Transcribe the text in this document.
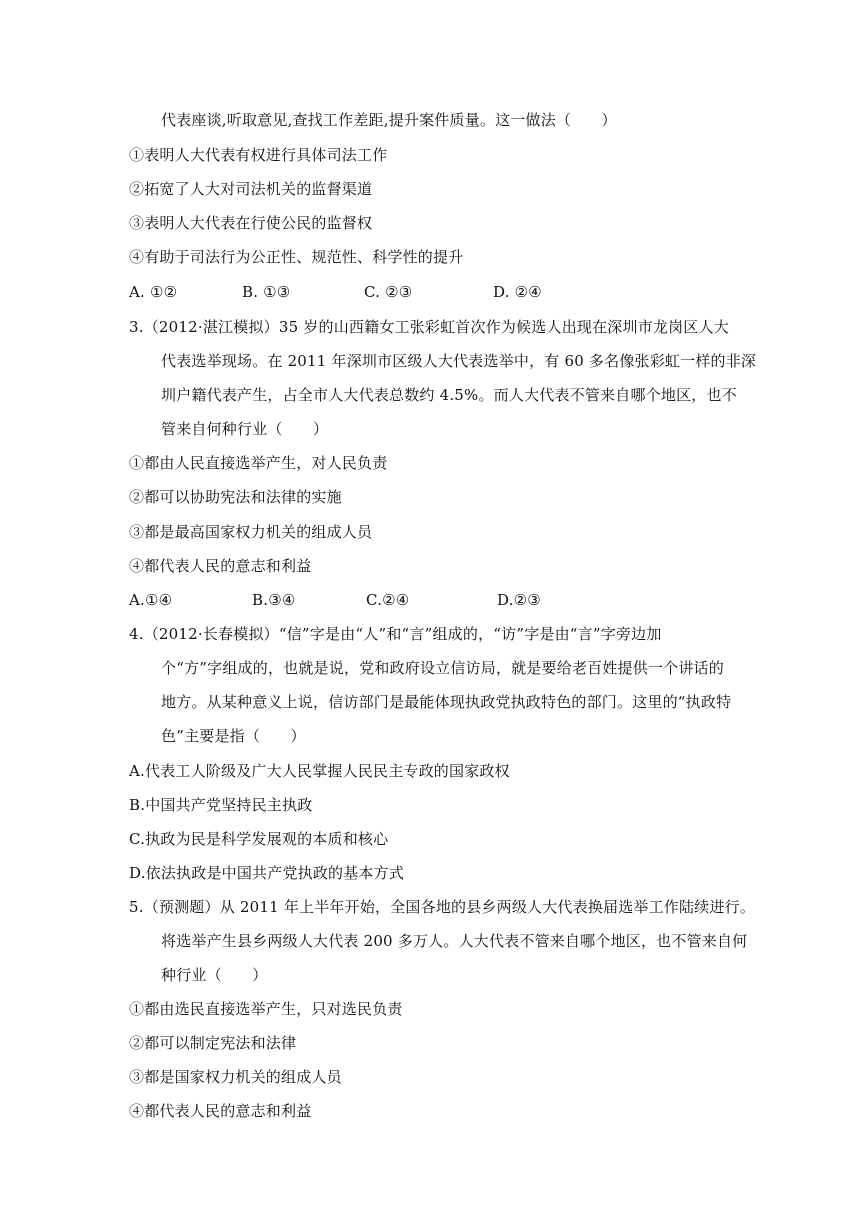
代表座谈,听取意见,查找工作差距,提升案件质量。这一做法（　　）
①表明人大代表有权进行具体司法工作
②拓宽了人大对司法机关的监督渠道
③表明人大代表在行使公民的监督权
④有助于司法行为公正性、规范性、科学性的提升
A. ①②	B. ①③	C. ②③	D. ②④
3.（2012·湛江模拟）35 岁的山西籍女工张彩虹首次作为候选人出现在深圳市龙岗区人大
代表选举现场。在 2011 年深圳市区级人大代表选举中，有 60 多名像张彩虹一样的非深
圳户籍代表产生，占全市人大代表总数约 4.5%。而人大代表不管来自哪个地区，也不
管来自何种行业（　　）
①都由人民直接选举产生，对人民负责
②都可以协助宪法和法律的实施
③都是最高国家权力机关的组成人员
④都代表人民的意志和利益
A.①④	B.③④	C.②④	D.②③
4.（2012·长春模拟）“信”字是由“人”和“言”组成的，“访”字是由“言”字旁边加
个“方”字组成的，也就是说，党和政府设立信访局，就是要给老百姓提供一个讲话的
地方。从某种意义上说，信访部门是最能体现执政党执政特色的部门。这里的“执政特
色”主要是指（　　）
A.代表工人阶级及广大人民掌握人民民主专政的国家政权
B.中国共产党坚持民主执政
C.执政为民是科学发展观的本质和核心
D.依法执政是中国共产党执政的基本方式
5.（预测题）从 2011 年上半年开始，全国各地的县乡两级人大代表换届选举工作陆续进行。
将选举产生县乡两级人大代表 200 多万人。人大代表不管来自哪个地区，也不管来自何
种行业（　　）
①都由选民直接选举产生，只对选民负责
②都可以制定宪法和法律
③都是国家权力机关的组成人员
④都代表人民的意志和利益
